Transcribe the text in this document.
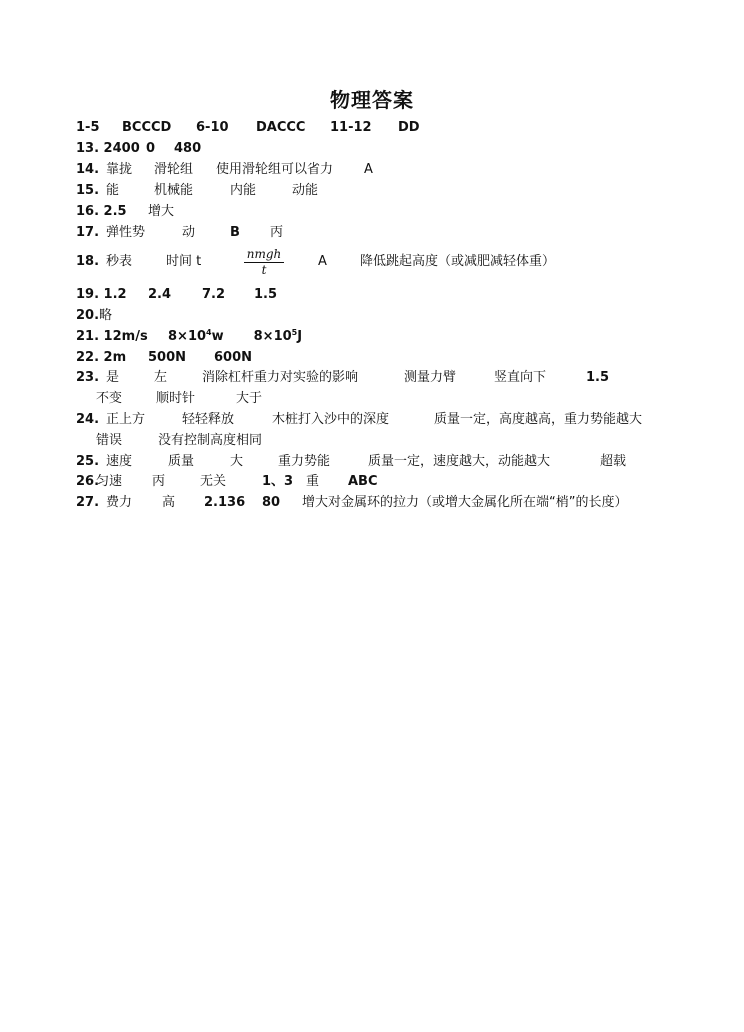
物理答案
1-5 BCCCD 6-10 DACCC 11-12 DD
13. 2400 0 480
14. 靠拢 滑轮组 使用滑轮组可以省力 A
15. 能	机械能	内能	动能
16. 2.5 增大
17. 弹性势	动	B 丙
18. 秒表	时间 t	$\frac{\text{nmgh}}{t}$	A	降低跳起高度（或减肥减轻体重）
19. 1.2 2.4 7.2 1.5
20.略
21. 12m/s $8\times 10^4w$ $8\times 10^5J$
22. 2m 500N 600N
23. 是	左	消除杠杆重力对实验的影响	测量力臂	竖直向下	1.5
不变	顺时针	大于
24. 正上方	轻轻释放	木桩打入沙中的深度	质量一定，高度越高，重力势能越大
错误	没有控制高度相同
25. 速度	质量	大	重力势能	质量一定，速度越大，动能越大	超载
26.匀速 丙	无关	1、3 重 ABC
27. 费力 高 2.136 80 增大对金属环的拉力（或增大金属化所在端“梢”的长度）
